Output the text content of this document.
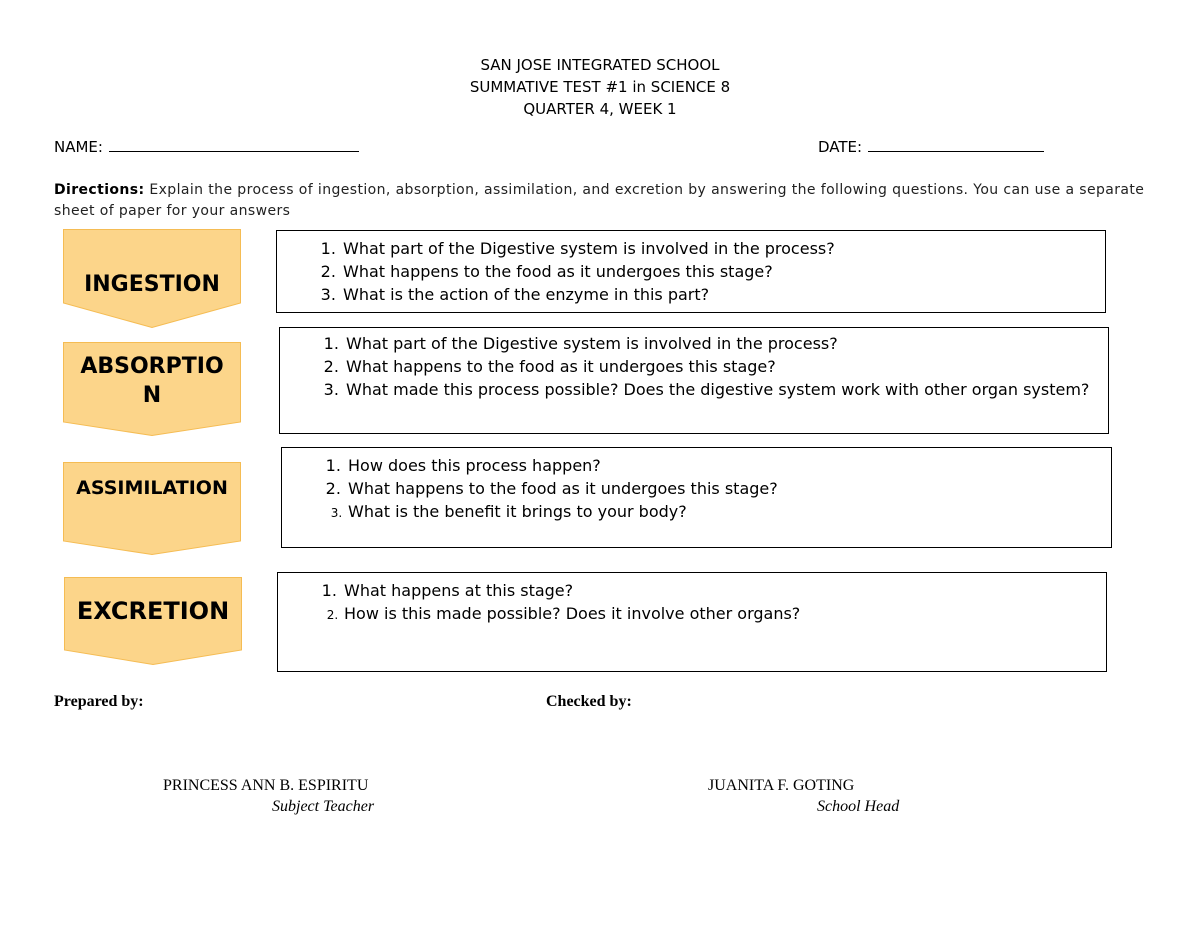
SAN JOSE INTEGRATED SCHOOL
SUMMATIVE TEST #1 in SCIENCE 8
QUARTER 4, WEEK 1
NAME:	DATE:
Directions: Explain the process of ingestion, absorption, assimilation, and excretion by answering the following questions. You can use a separate sheet of paper for your answers
INGESTION
1. What part of the Digestive system is involved in the process?
2. What happens to the food as it undergoes this stage?
3. What is the action of the enzyme in this part?
ABSORPTION
1. What part of the Digestive system is involved in the process?
2. What happens to the food as it undergoes this stage?
3. What made this process possible? Does the digestive system work with other organ system?
ASSIMILATION
1. How does this process happen?
2. What happens to the food as it undergoes this stage?
3. What is the benefit it brings to your body?
EXCRETION
1. What happens at this stage?
2. How is this made possible? Does it involve other organs?
Prepared by:	Checked by:
PRINCESS ANN B. ESPIRITU
Subject Teacher
JUANITA F. GOTING
School Head
